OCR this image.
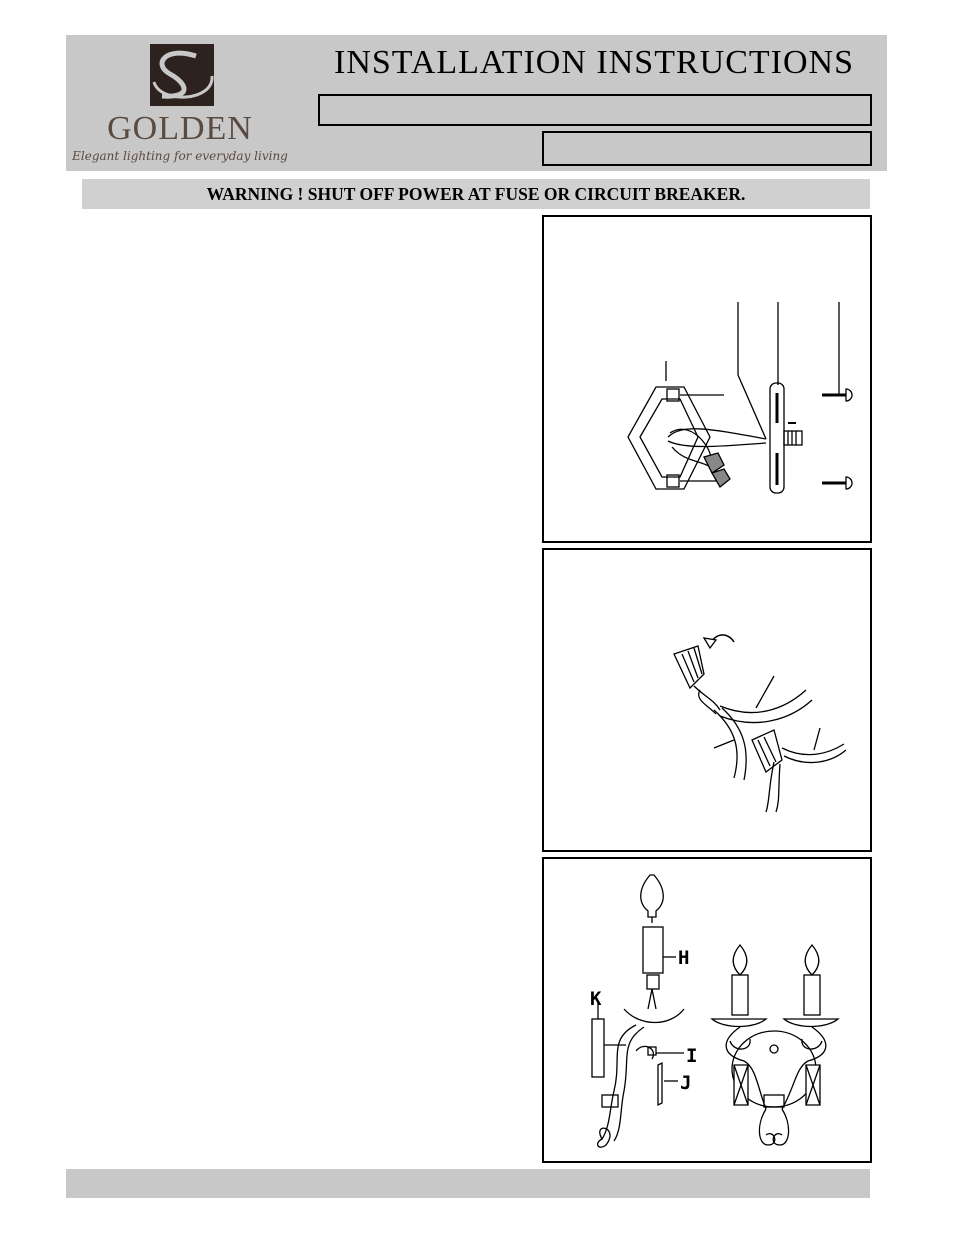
GOLDEN
Elegant lighting for everyday living
INSTALLATION INSTRUCTIONS
WARNING ! SHUT OFF POWER AT FUSE OR CIRCUIT BREAKER.
H
K
I
J
